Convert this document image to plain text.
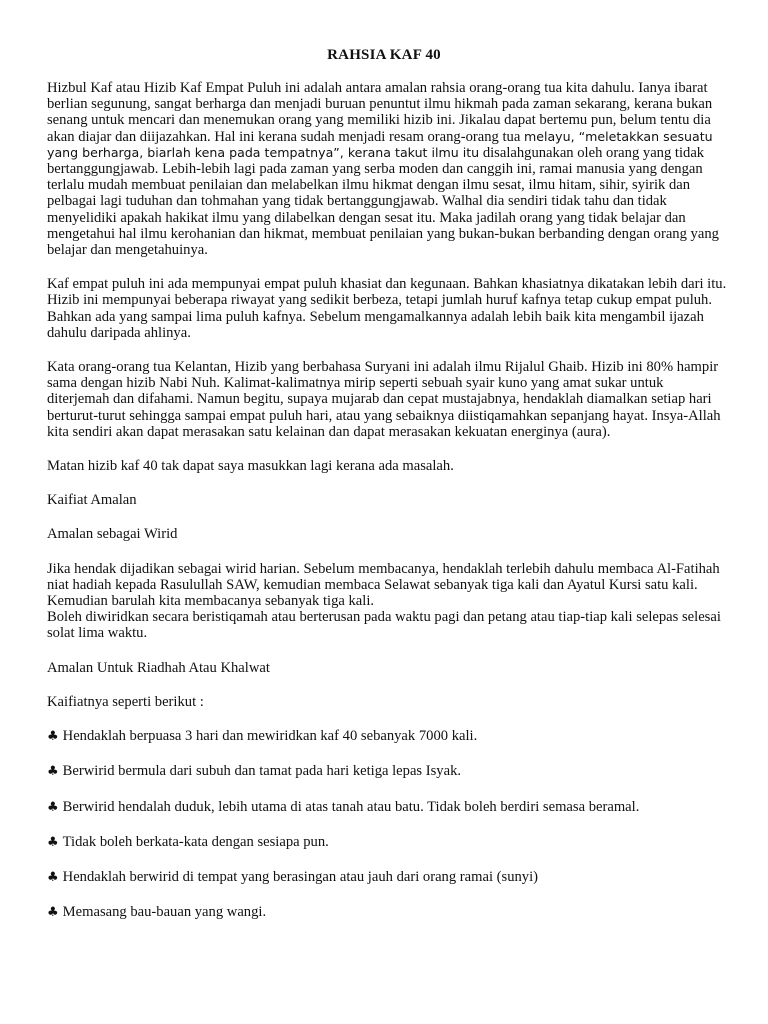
RAHSIA KAF 40

Hizbul Kaf atau Hizib Kaf Empat Puluh ini adalah antara amalan rahsia orang-orang tua kita dahulu. Ianya ibarat berlian segunung, sangat berharga dan menjadi buruan penuntut ilmu hikmah pada zaman sekarang, kerana bukan senang untuk mencari dan menemukan orang yang memiliki hizib ini. Jikalau dapat bertemu pun, belum tentu dia akan diajar dan diijazahkan. Hal ini kerana sudah menjadi resam orang-orang tua melayu, “meletakkan sesuatu yang berharga, biarlah kena pada tempatnya”, kerana takut ilmu itu disalahgunakan oleh orang yang tidak bertanggungjawab. Lebih-lebih lagi pada zaman yang serba moden dan canggih ini, ramai manusia yang dengan terlalu mudah membuat penilaian dan melabelkan ilmu hikmat dengan ilmu sesat, ilmu hitam, sihir, syirik dan pelbagai lagi tuduhan dan tohmahan yang tidak bertanggungjawab. Walhal dia sendiri tidak tahu dan tidak menyelidiki apakah hakikat ilmu yang dilabelkan dengan sesat itu. Maka jadilah orang yang tidak belajar dan mengetahui hal ilmu kerohanian dan hikmat, membuat penilaian yang bukan-bukan berbanding dengan orang yang belajar dan mengetahuinya.

Kaf empat puluh ini ada mempunyai empat puluh khasiat dan kegunaan. Bahkan khasiatnya dikatakan lebih dari itu. Hizib ini mempunyai beberapa riwayat yang sedikit berbeza, tetapi jumlah huruf kafnya tetap cukup empat puluh. Bahkan ada yang sampai lima puluh kafnya. Sebelum mengamalkannya adalah lebih baik kita mengambil ijazah dahulu daripada ahlinya.

Kata orang-orang tua Kelantan, Hizib yang berbahasa Suryani ini adalah ilmu Rijalul Ghaib. Hizib ini 80% hampir sama dengan hizib Nabi Nuh. Kalimat-kalimatnya mirip seperti sebuah syair kuno yang amat sukar untuk diterjemah dan difahami. Namun begitu, supaya mujarab dan cepat mustajabnya, hendaklah diamalkan setiap hari berturut-turut sehingga sampai empat puluh hari, atau yang sebaiknya diistiqamahkan sepanjang hayat. Insya-Allah kita sendiri akan dapat merasakan satu kelainan dan dapat merasakan kekuatan energinya (aura).

Matan hizib kaf 40 tak dapat saya masukkan lagi kerana ada masalah.

Kaifiat Amalan

Amalan sebagai Wirid

Jika hendak dijadikan sebagai wirid harian. Sebelum membacanya, hendaklah terlebih dahulu membaca Al-Fatihah niat hadiah kepada Rasulullah SAW, kemudian membaca Selawat sebanyak tiga kali dan Ayatul Kursi satu kali. Kemudian barulah kita membacanya sebanyak tiga kali.
Boleh diwiridkan secara beristiqamah atau berterusan pada waktu pagi dan petang atau tiap-tiap kali selepas selesai solat lima waktu.

Amalan Untuk Riadhah Atau Khalwat

Kaifiatnya seperti berikut :

♣ Hendaklah berpuasa 3 hari dan mewiridkan kaf 40 sebanyak 7000 kali.

♣ Berwirid bermula dari subuh dan tamat pada hari ketiga lepas Isyak.

♣ Berwirid hendalah duduk, lebih utama di atas tanah atau batu. Tidak boleh berdiri semasa beramal.

♣ Tidak boleh berkata-kata dengan sesiapa pun.

♣ Hendaklah berwirid di tempat yang berasingan atau jauh dari orang ramai (sunyi)

♣ Memasang bau-bauan yang wangi.
